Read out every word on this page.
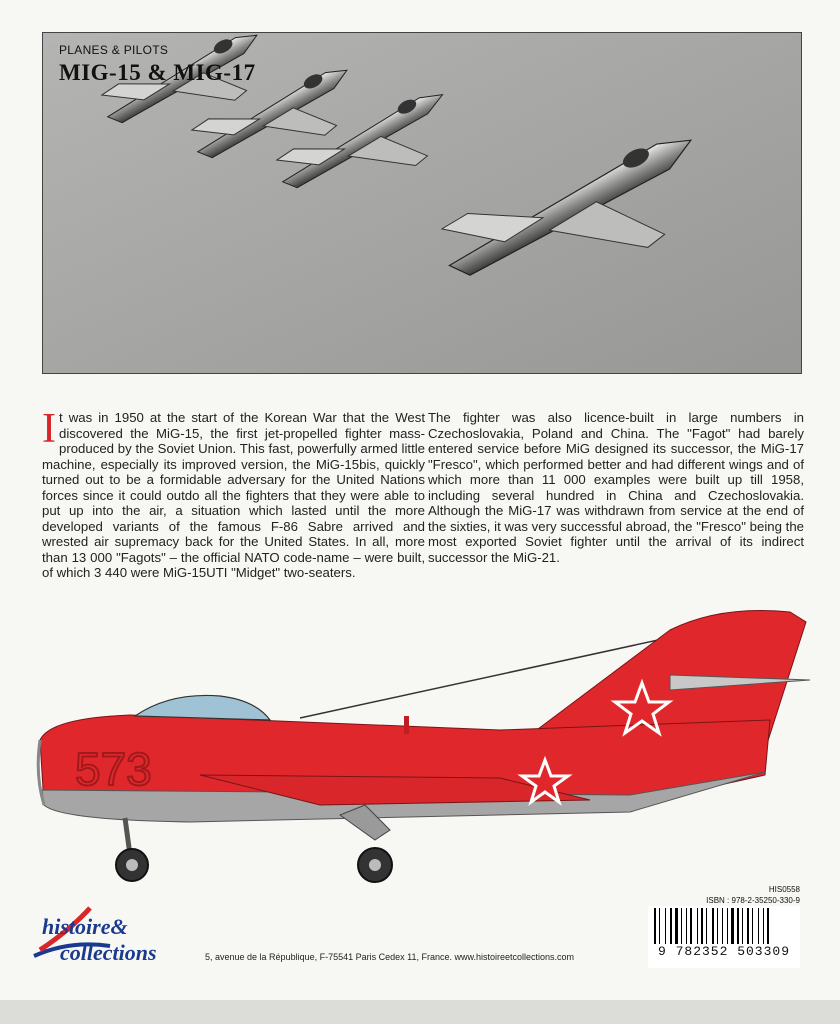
PLANES & PILOTS
MIG-15 & MIG-17
It was in 1950 at the start of the Korean War that the West discovered the MiG-15, the first jet-propelled fighter mass-produced by the Soviet Union. This fast, powerfully armed little machine, especially its improved version, the MiG-15bis, quickly turned out to be a formidable adversary for the United Nations forces since it could outdo all the fighters that they were able to put up into the air, a situation which lasted until the more developed variants of the famous F-86 Sabre arrived and wrested air supremacy back for the United States. In all, more than 13 000 "Fagots" – the official NATO code-name – were built, of which 3 440 were MiG-15UTI "Midget" two-seaters.
The fighter was also licence-built in large numbers in Czechoslovakia, Poland and China. The "Fagot" had barely entered service before MiG designed its successor, the MiG-17 "Fresco", which performed better and had different wings and of which more than 11 000 examples were built up till 1958, including several hundred in China and Czechoslovakia. Although the MiG-17 was withdrawn from service at the end of the sixties, it was very successful abroad, the "Fresco" being the most exported Soviet fighter until the arrival of its indirect successor the MiG-21.
573
histoire&
collections	5, avenue de la République, F-75541 Paris Cedex 11, France. www.histoireetcollections.com
HIS0558
ISBN : 978-2-35250-330-9
9 782352 503309
